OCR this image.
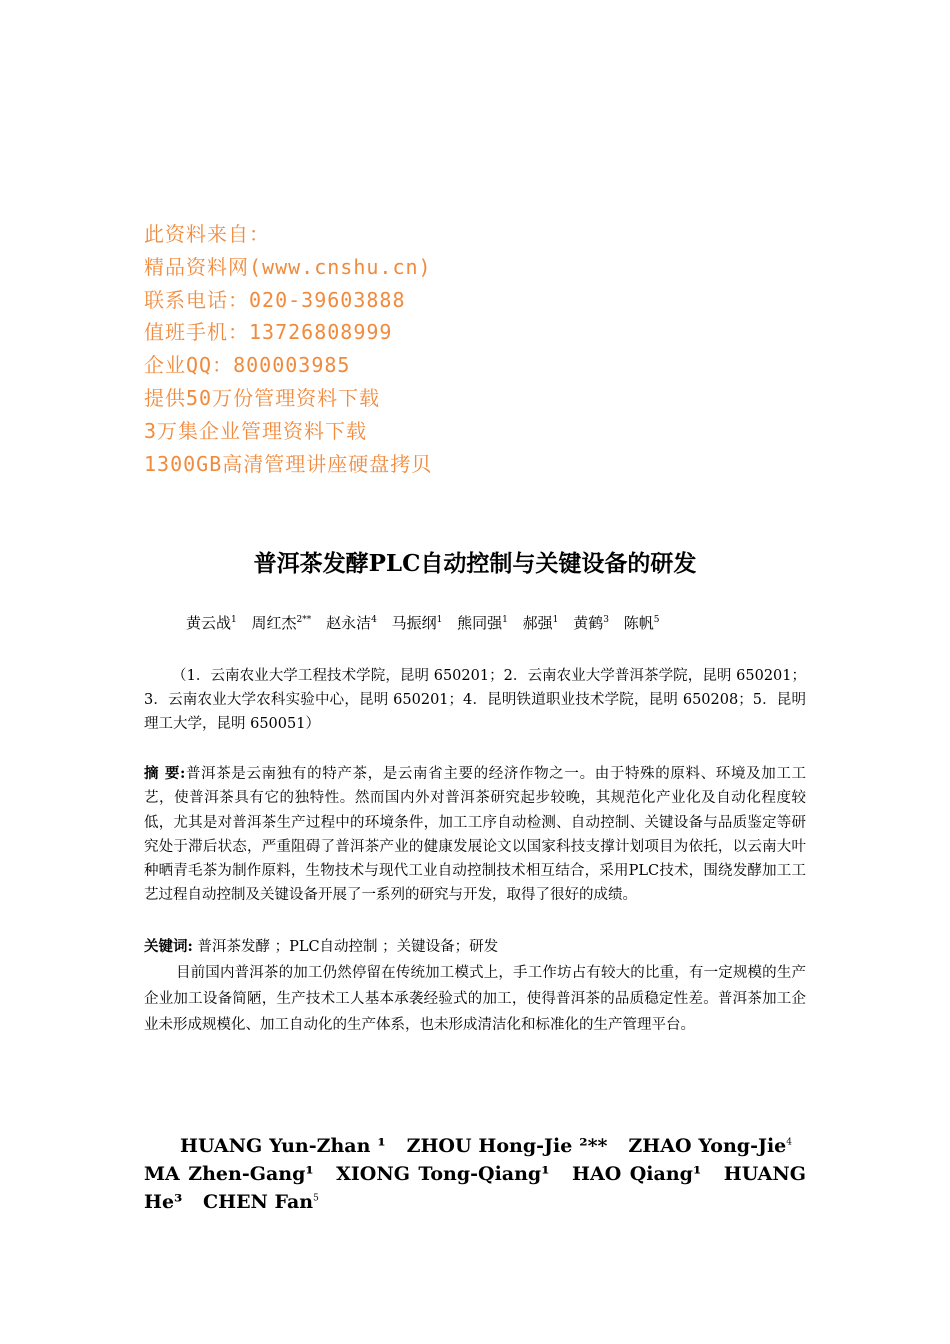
此资料来自：
精品资料网(www.cnshu.cn)
联系电话：020-39603888
值班手机：13726808999
企业QQ：800003985
提供50万份管理资料下载
3万集企业管理资料下载
1300GB高清管理讲座硬盘拷贝
普洱茶发酵PLC自动控制与关键设备的研发
黄云战$^1$ 周红杰$^{2**}$ 赵永洁$^4$ 马振纲$^1$ 熊同强$^1$ 郝强$^1$ 黄鹤$^3$ 陈帆$^5$
（1．云南农业大学工程技术学院，昆明 650201；2．云南农业大学普洱茶学院，昆明 650201；3．云南农业大学农科实验中心，昆明 650201；4．昆明铁道职业技术学院，昆明 650208；5．昆明理工大学，昆明 650051）
摘 要:普洱茶是云南独有的特产茶，是云南省主要的经济作物之一。由于特殊的原料、环境及加工工艺，使普洱茶具有它的独特性。然而国内外对普洱茶研究起步较晚，其规范化产业化及自动化程度较低，尤其是对普洱茶生产过程中的环境条件，加工工序自动检测、自动控制、关键设备与品质鉴定等研究处于滞后状态，严重阻碍了普洱茶产业的健康发展论文以国家科技支撑计划项目为依托，以云南大叶种晒青毛茶为制作原料，生物技术与现代工业自动控制技术相互结合，采用PLC技术，围绕发酵加工工艺过程自动控制及关键设备开展了一系列的研究与开发，取得了很好的成绩。
关键词: 普洱茶发酵 ；PLC自动控制 ；关键设备；研发
目前国内普洱茶的加工仍然停留在传统加工模式上，手工作坊占有较大的比重，有一定规模的生产企业加工设备简陋，生产技术工人基本承袭经验式的加工，使得普洱茶的品质稳定性差。普洱茶加工企业未形成规模化、加工自动化的生产体系，也未形成清洁化和标准化的生产管理平台。
HUANG Yun-Zhan ¹ ZHOU Hong-Jie ²** ZHAO Yong-Jie$^4$ MA Zhen-Gang¹ XIONG Tong-Qiang¹ HAO Qiang¹ HUANG He³ CHEN Fan$^5$
